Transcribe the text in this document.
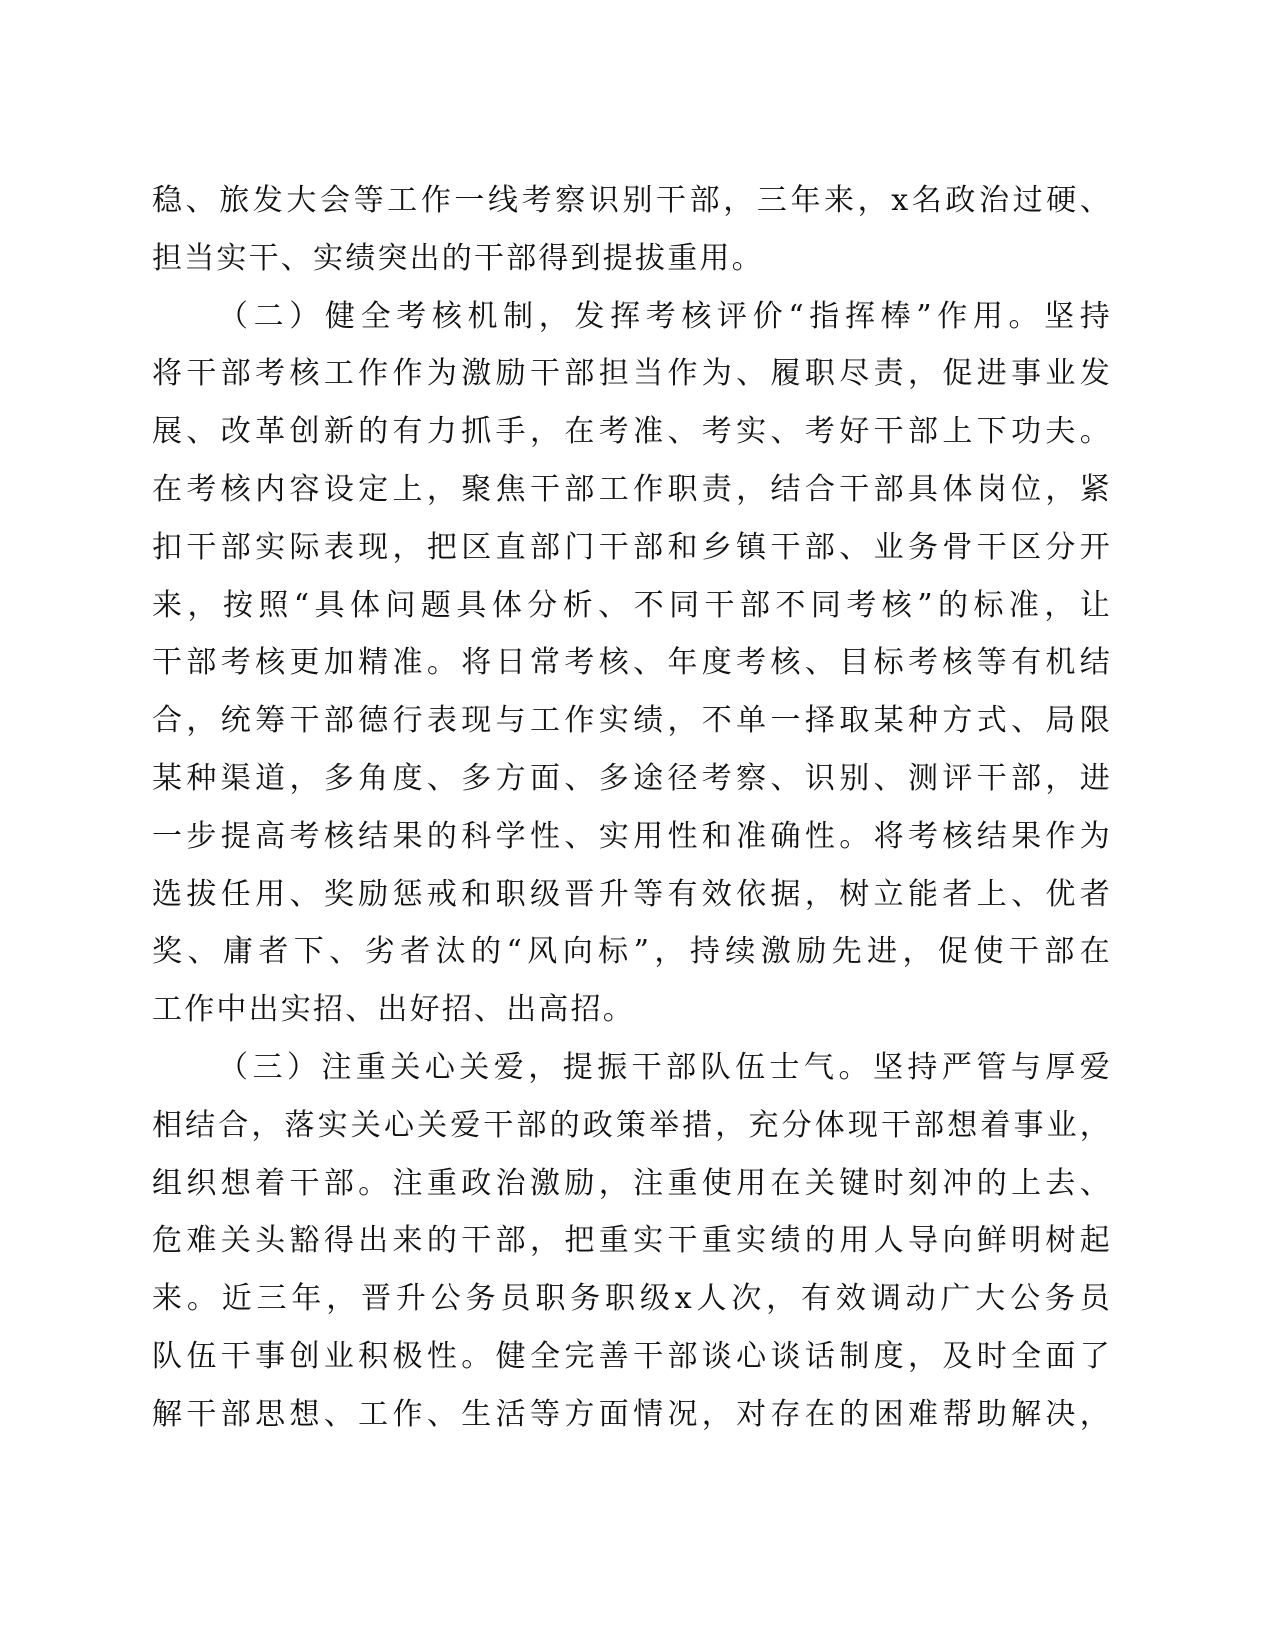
稳、旅发大会等工作一线考察识别干部，三年来，x名政治过硬、
担当实干、实绩突出的干部得到提拔重用。
（二）健全考核机制，发挥考核评价“指挥棒”作用。坚持
将干部考核工作作为激励干部担当作为、履职尽责，促进事业发
展、改革创新的有力抓手，在考准、考实、考好干部上下功夫。
在考核内容设定上，聚焦干部工作职责，结合干部具体岗位，紧
扣干部实际表现，把区直部门干部和乡镇干部、业务骨干区分开
来，按照“具体问题具体分析、不同干部不同考核”的标准，让
干部考核更加精准。将日常考核、年度考核、目标考核等有机结
合，统筹干部德行表现与工作实绩，不单一择取某种方式、局限
某种渠道，多角度、多方面、多途径考察、识别、测评干部，进
一步提高考核结果的科学性、实用性和准确性。将考核结果作为
选拔任用、奖励惩戒和职级晋升等有效依据，树立能者上、优者
奖、庸者下、劣者汰的“风向标”，持续激励先进，促使干部在
工作中出实招、出好招、出高招。
（三）注重关心关爱，提振干部队伍士气。坚持严管与厚爱
相结合，落实关心关爱干部的政策举措，充分体现干部想着事业，
组织想着干部。注重政治激励，注重使用在关键时刻冲的上去、
危难关头豁得出来的干部，把重实干重实绩的用人导向鲜明树起
来。近三年，晋升公务员职务职级x人次，有效调动广大公务员
队伍干事创业积极性。健全完善干部谈心谈话制度，及时全面了
解干部思想、工作、生活等方面情况，对存在的困难帮助解决，
